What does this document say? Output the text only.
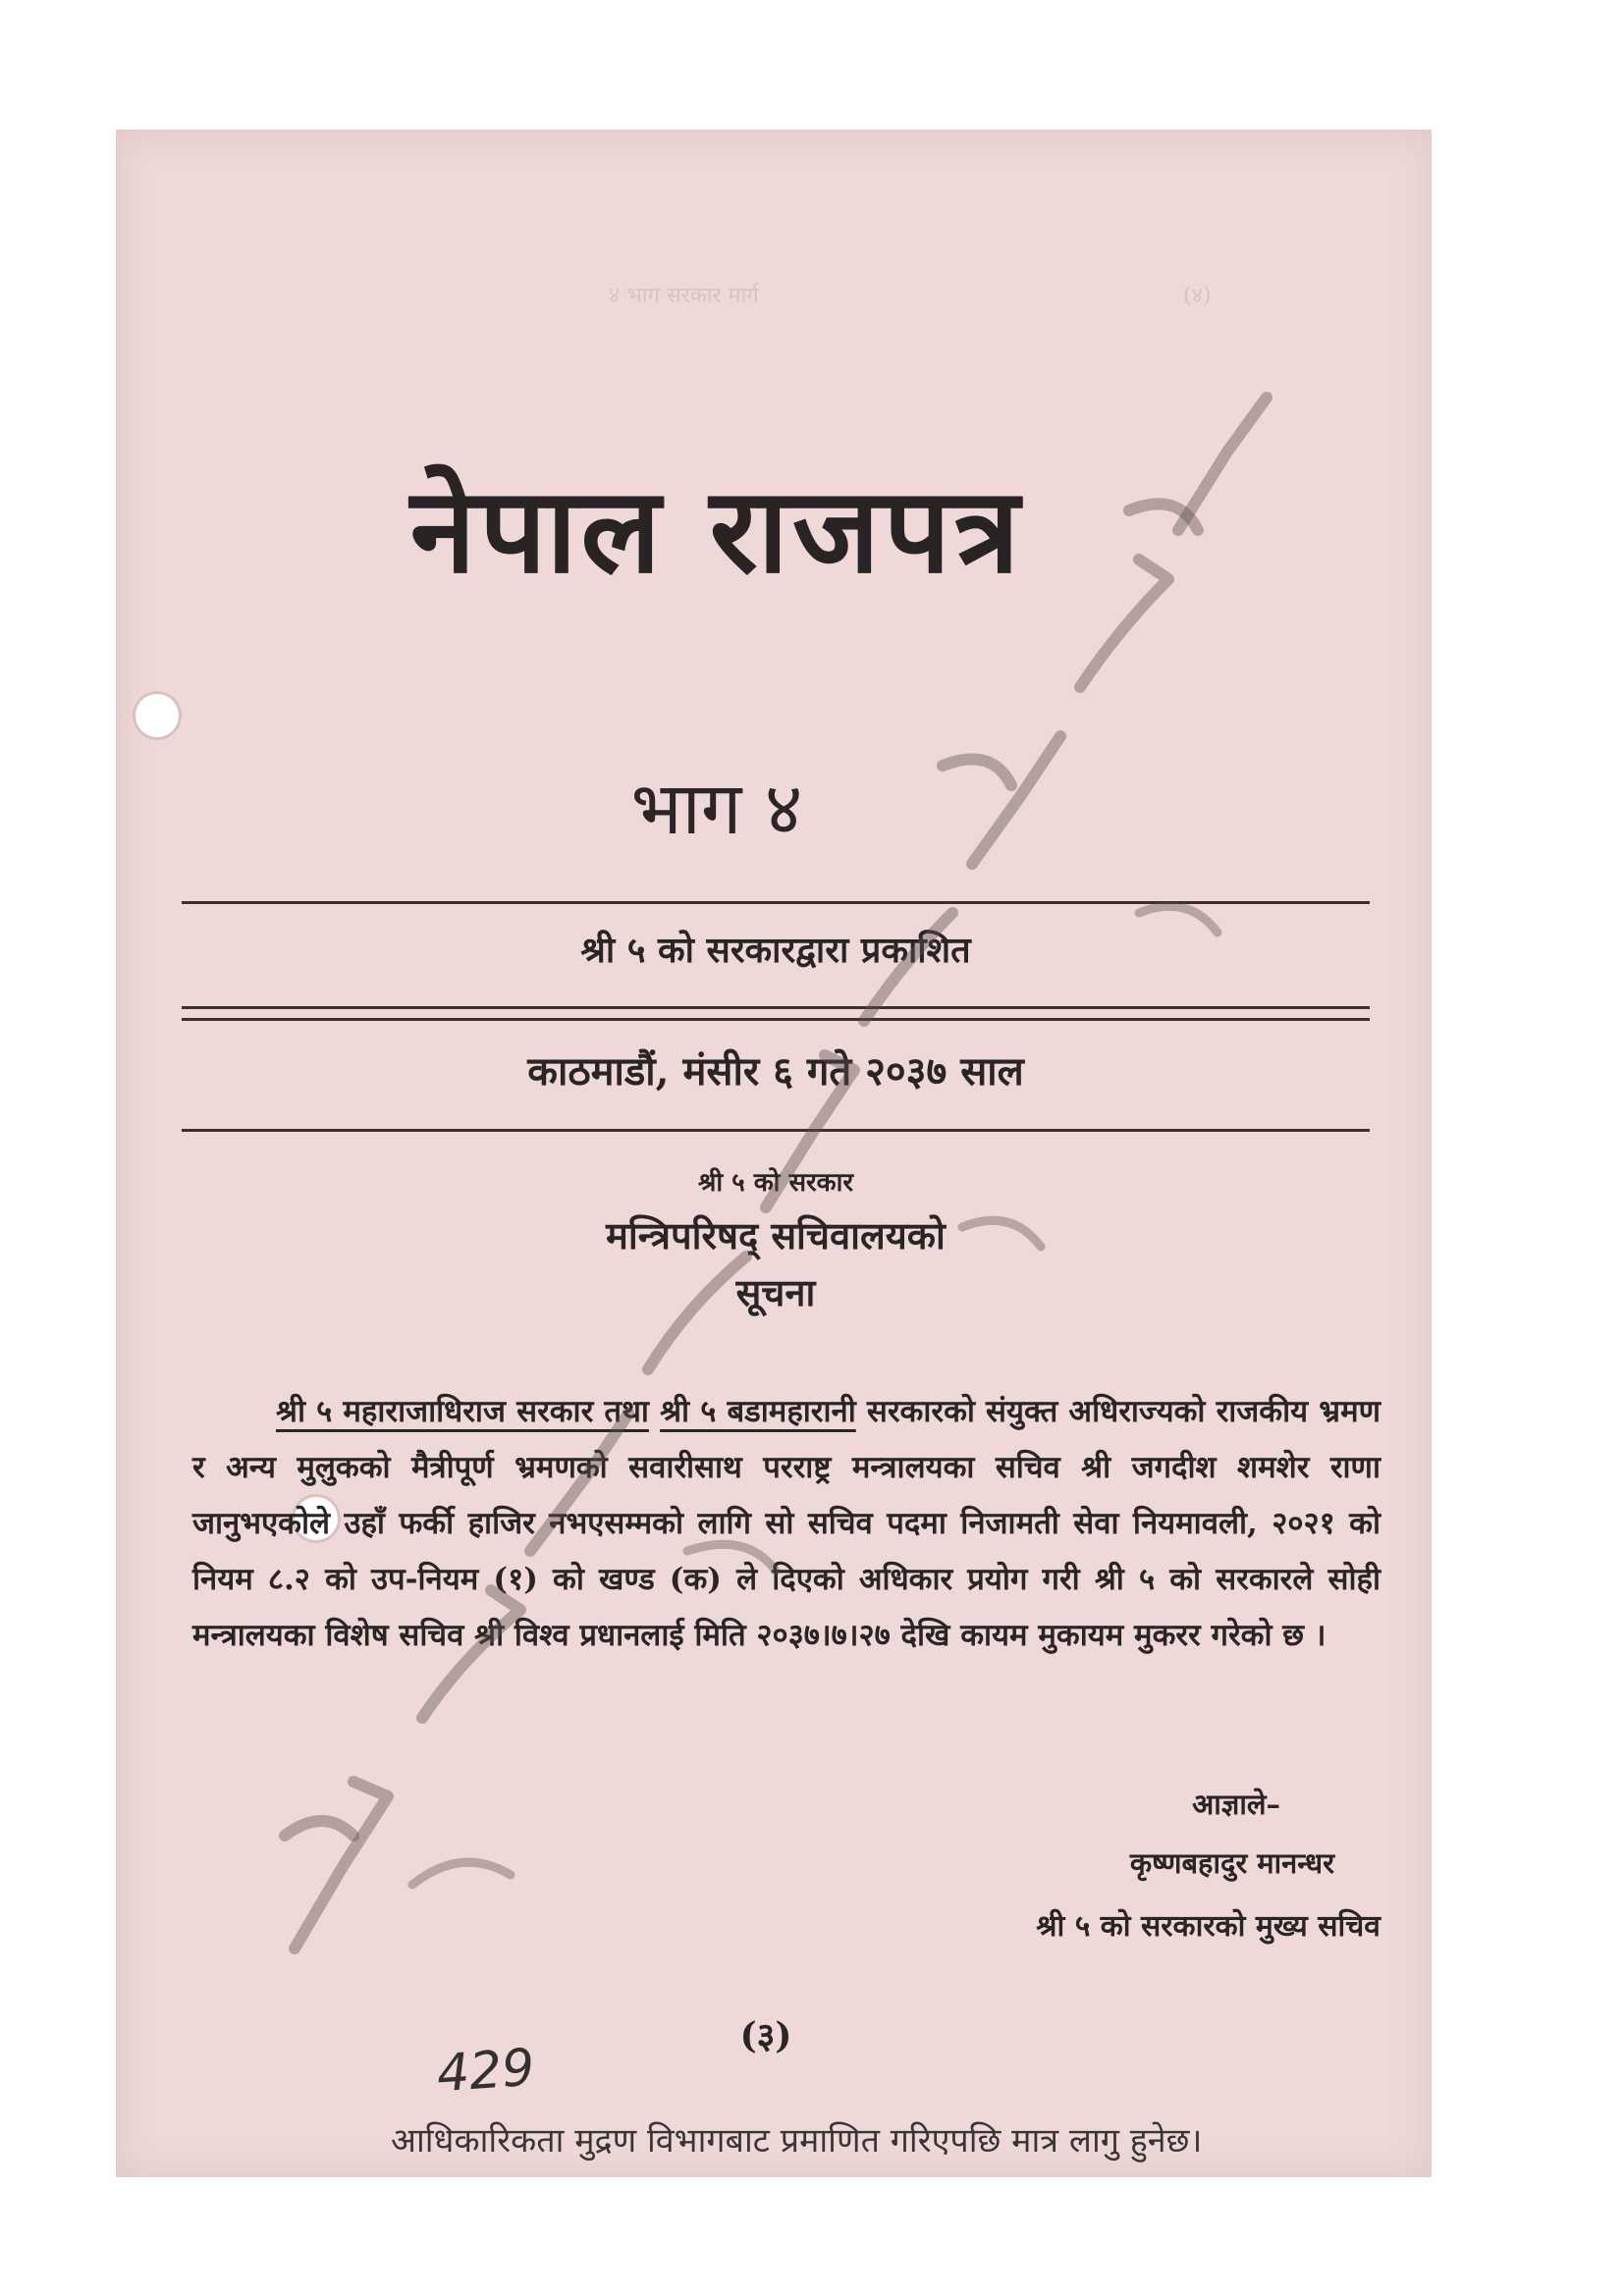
४ भाग सरकार मार्ग	(४)
नेपाल राजपत्र
भाग ४
श्री ५ को सरकारद्वारा प्रकाशित
काठमाडौं, मंसीर ६ गते २०३७ साल
श्री ५ को सरकार
मन्त्रिपरिषद् सचिवालयको
सूचना
श्री ५ महाराजाधिराज सरकार तथा श्री ५ बडामहारानी सरकारको संयुक्त अधिराज्यको राजकीय भ्रमण र अन्य मुलुकको मैत्रीपूर्ण भ्रमणको सवारीसाथ परराष्ट्र मन्त्रालयका सचिव श्री जगदीश शमशेर राणा जानुभएकोले उहाँ फर्की हाजिर नभएसम्मको लागि सो सचिव पदमा निजामती सेवा नियमावली, २०२१ को नियम ८.२ को उप-नियम (१) को खण्ड (क) ले दिएको अधिकार प्रयोग गरी श्री ५ को सरकारले सोही मन्त्रालयका विशेष सचिव श्री विश्व प्रधानलाई मिति २०३७।७।२७ देखि कायम मुकायम मुकरर गरेको छ ।
आज्ञाले–
कृष्णबहादुर मानन्धर
श्री ५ को सरकारको मुख्य सचिव
(३)
429
आधिकारिकता मुद्रण विभागबाट प्रमाणित गरिएपछि मात्र लागु हुनेछ।
